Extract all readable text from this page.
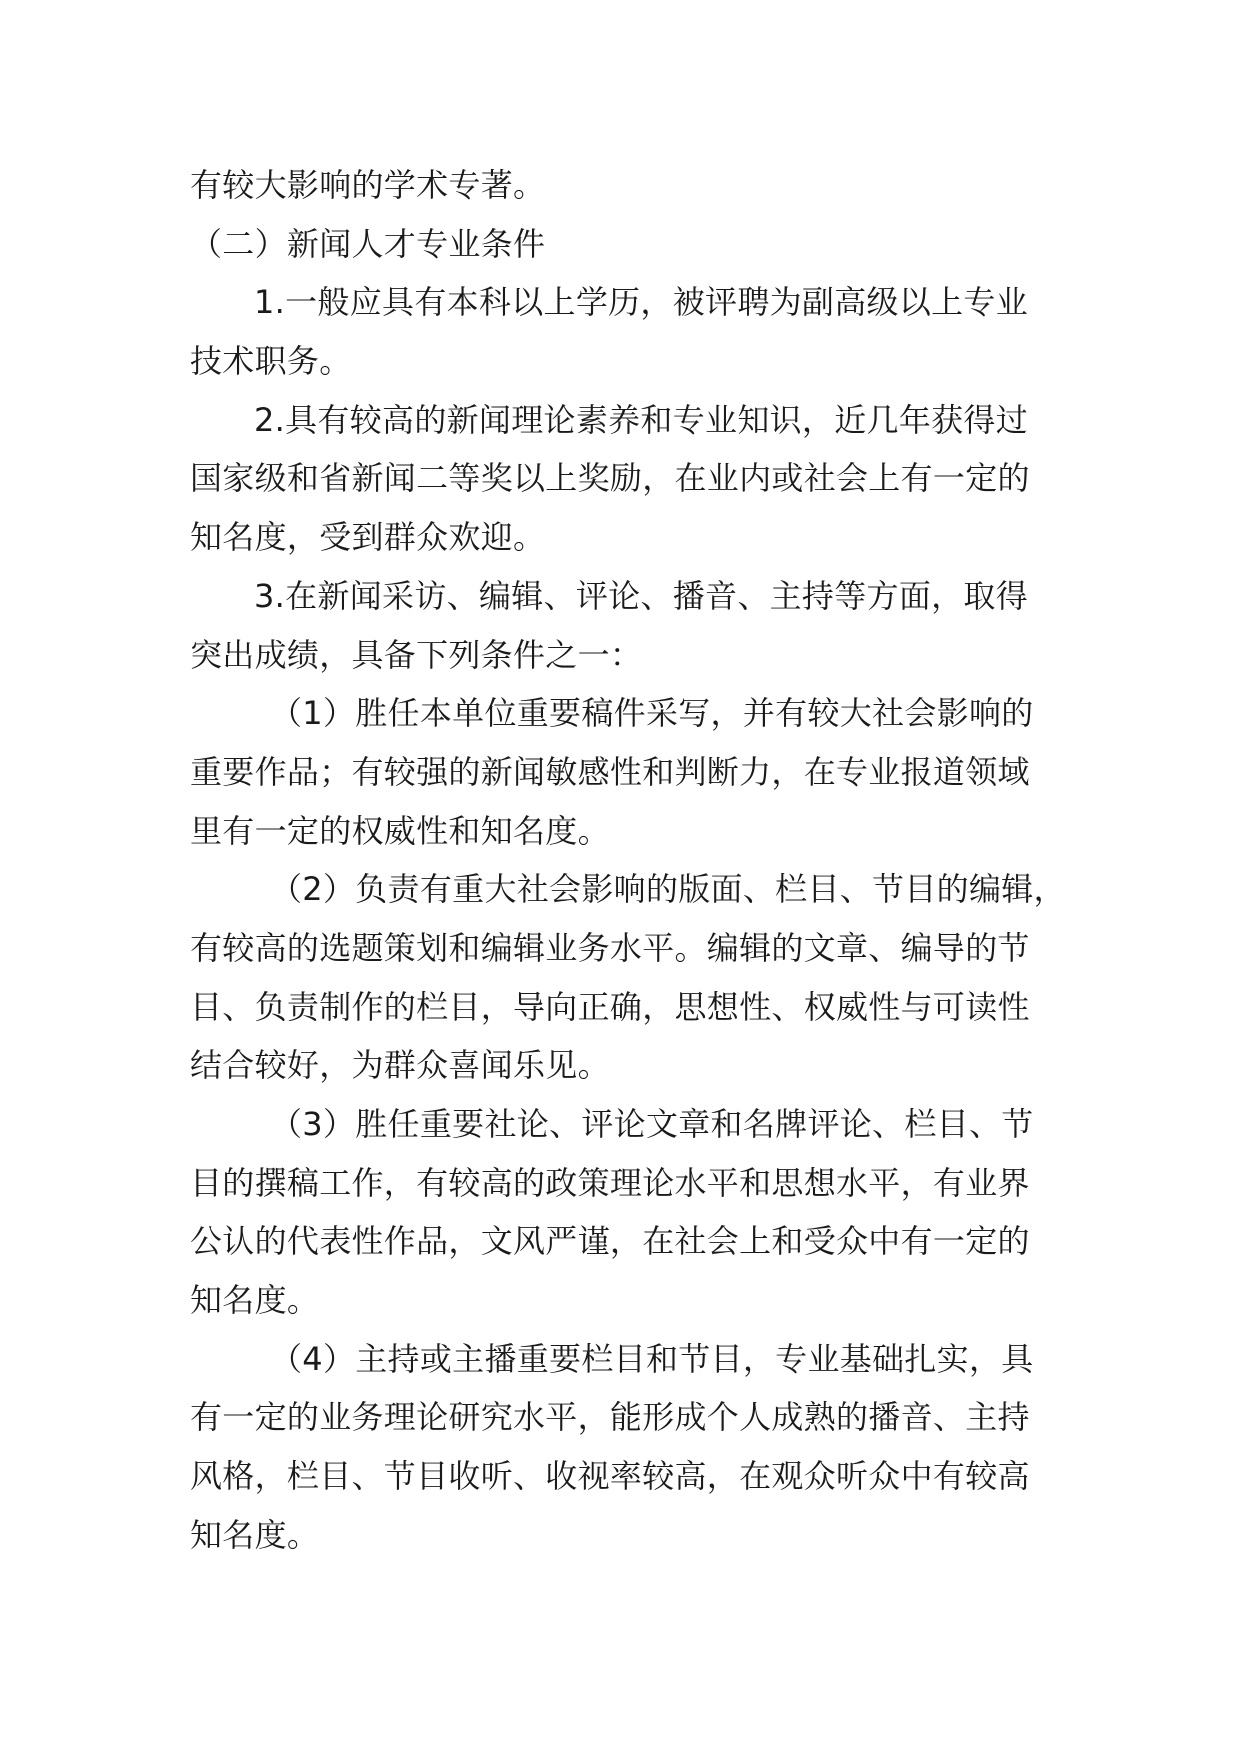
有较大影响的学术专著。
（二）新闻人才专业条件
1.一般应具有本科以上学历，被评聘为副高级以上专业
技术职务。
2.具有较高的新闻理论素养和专业知识，近几年获得过
国家级和省新闻二等奖以上奖励，在业内或社会上有一定的
知名度，受到群众欢迎。
3.在新闻采访、编辑、评论、播音、主持等方面，取得
突出成绩，具备下列条件之一：
（1）胜任本单位重要稿件采写，并有较大社会影响的
重要作品；有较强的新闻敏感性和判断力，在专业报道领域
里有一定的权威性和知名度。
（2）负责有重大社会影响的版面、栏目、节目的编辑，
有较高的选题策划和编辑业务水平。编辑的文章、编导的节
目、负责制作的栏目，导向正确，思想性、权威性与可读性
结合较好，为群众喜闻乐见。
（3）胜任重要社论、评论文章和名牌评论、栏目、节
目的撰稿工作，有较高的政策理论水平和思想水平，有业界
公认的代表性作品，文风严谨，在社会上和受众中有一定的
知名度。
（4）主持或主播重要栏目和节目，专业基础扎实，具
有一定的业务理论研究水平，能形成个人成熟的播音、主持
风格，栏目、节目收听、收视率较高，在观众听众中有较高
知名度。
